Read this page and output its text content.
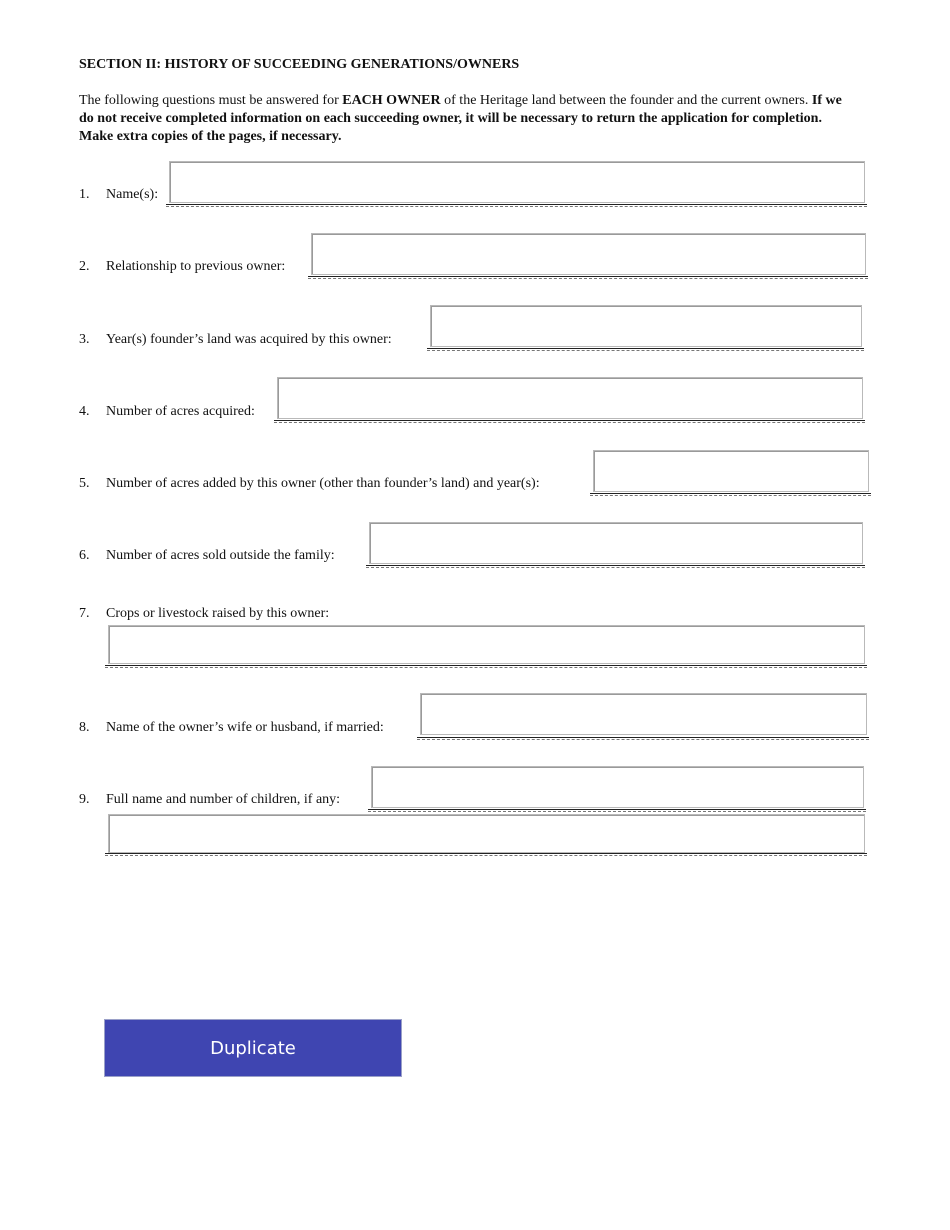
SECTION II: HISTORY OF SUCCEEDING GENERATIONS/OWNERS
The following questions must be answered for EACH OWNER of the Heritage land between the founder and the current owners. If we do not receive completed information on each succeeding owner, it will be necessary to return the application for completion. Make extra copies of the pages, if necessary.
1. Name(s):
2. Relationship to previous owner:
3. Year(s) founder’s land was acquired by this owner:
4. Number of acres acquired:
5. Number of acres added by this owner (other than founder’s land) and year(s):
6. Number of acres sold outside the family:
7. Crops or livestock raised by this owner:
8. Name of the owner’s wife or husband, if married:
9. Full name and number of children, if any:
Duplicate
